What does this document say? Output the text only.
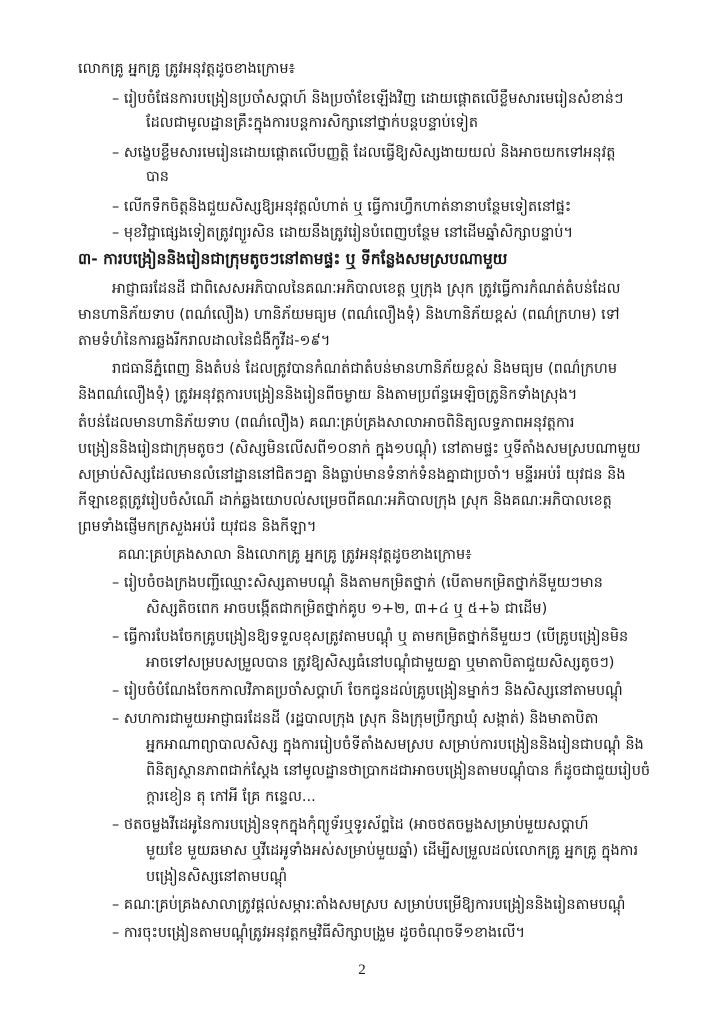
លោកគ្រូ អ្នកគ្រូ ត្រូវអនុវត្តដូចខាងក្រោម៖
– រៀបចំផែនការបង្រៀនប្រចាំសប្តាហ៍ និងប្រចាំខែឡើងវិញ ដោយផ្តោតលើខ្លឹមសារមេរៀនសំខាន់ៗ
ដែលជាមូលដ្ឋានគ្រឹះក្នុងការបន្តការសិក្សានៅថ្នាក់បន្តបន្ទាប់ទៀត
– សង្ខេបខ្លឹមសារមេរៀនដោយផ្តោតលើបញ្ញត្តិ ដែលធ្វើឱ្យសិស្សងាយយល់ និងអាចយកទៅអនុវត្ត
បាន
– លើកទឹកចិត្តនិងជួយសិស្សឱ្យអនុវត្តលំហាត់ ឬ ធ្វើការហ្វឹកហាត់នានាបន្ថែមទៀតនៅផ្ទះ
– មុខវិជ្ជាផ្សេងទៀតត្រូវព្យួរសិន ដោយនឹងត្រូវរៀនបំពេញបន្ថែម នៅដើមឆ្នាំសិក្សាបន្ទាប់។
៣- ការបង្រៀននិងរៀនជាក្រុមតូចៗនៅតាមផ្ទះ ឬ ទីកន្លែងសមស្របណាមួយ
អាជ្ញាធរដែនដី ជាពិសេសអភិបាលនៃគណៈអភិបាលខេត្ត ឬក្រុង ស្រុក ត្រូវធ្វើការកំណត់តំបន់ដែល
មានហានិភ័យទាប (ពណ៌លឿង) ហានិភ័យមធ្យម (ពណ៌លឿងទុំ) និងហានិភ័យខ្ពស់ (ពណ៌ក្រហម) ទៅ
តាមទំហំនៃការឆ្លងរីករាលដាលនៃជំងឺកូវីដ-១៩។
រាជធានីភ្នំពេញ និងតំបន់ ដែលត្រូវបានកំណត់ជាតំបន់មានហានិភ័យខ្ពស់ និងមធ្យម (ពណ៌ក្រហម
និងពណ៌លឿងទុំ) ត្រូវអនុវត្តការបង្រៀននិងរៀនពីចម្ងាយ និងតាមប្រព័ន្ធអេឡិចត្រូនិកទាំងស្រុង។
តំបន់ដែលមានហានិភ័យទាប (ពណ៌លឿង) គណៈគ្រប់គ្រងសាលាអាចពិនិត្យលទ្ធភាពអនុវត្តការ
បង្រៀននិងរៀនជាក្រុមតូចៗ (សិស្សមិនលើសពី១០នាក់ ក្នុង១បណ្តុំ) នៅតាមផ្ទះ ឬទីតាំងសមស្របណាមួយ
សម្រាប់សិស្សដែលមានលំនៅដ្ឋាននៅជិតៗគ្នា និងធ្លាប់មានទំនាក់ទំនងគ្នាជាប្រចាំ។ មន្ទីរអប់រំ យុវជន និង
កីឡាខេត្តត្រូវរៀបចំសំណើ ដាក់ឆ្លងយោបល់សម្រេចពីគណៈអភិបាលក្រុង ស្រុក និងគណៈអភិបាលខេត្ត
ព្រមទាំងផ្ញើមកក្រសួងអប់រំ យុវជន និងកីឡា។
គណៈគ្រប់គ្រងសាលា និងលោកគ្រូ អ្នកគ្រូ ត្រូវអនុវត្តដូចខាងក្រោម៖
– រៀបចំចងក្រងបញ្ជីឈ្មោះសិស្សតាមបណ្តុំ និងតាមកម្រិតថ្នាក់ (បើតាមកម្រិតថ្នាក់នីមួយៗមាន
សិស្សតិចពេក អាចបង្កើតជាកម្រិតថ្នាក់គូប ១+២, ៣+៤ ឬ ៥+៦ ជាដើម)
– ធ្វើការបែងចែកគ្រូបង្រៀនឱ្យទទួលខុសត្រូវតាមបណ្តុំ ឬ តាមកម្រិតថ្នាក់នីមួយៗ (បើគ្រូបង្រៀនមិន
អាចទៅសម្របសម្រួលបាន ត្រូវឱ្យសិស្សធំនៅបណ្តុំជាមួយគ្នា ឬមាតាបិតាជួយសិស្សតូចៗ)
– រៀបចំបំណែងចែកកាលវិភាគប្រចាំសប្តាហ៍ ចែកជូនដល់គ្រូបង្រៀនម្នាក់ៗ និងសិស្សនៅតាមបណ្តុំ
– សហការជាមួយអាជ្ញាធរដែនដី (រដ្ឋបាលក្រុង ស្រុក និងក្រុមប្រឹក្សាឃុំ សង្កាត់) និងមាតាបិតា
អ្នកអាណាព្យាបាលសិស្ស ក្នុងការរៀបចំទីតាំងសមស្រប សម្រាប់ការបង្រៀននិងរៀនជាបណ្តុំ និង
ពិនិត្យស្ថានភាពជាក់ស្តែង នៅមូលដ្ឋានថាប្រាកដជាអាចបង្រៀនតាមបណ្តុំបាន ក៏ដូចជាជួយរៀបចំ
ក្តារខៀន តុ កៅអី គ្រែ កន្ទេល...
– ថតចម្លងវីដេអូនៃការបង្រៀនទុកក្នុងកុំព្យូទ័រឬទូរស័ព្ទដៃ (អាចថតចម្លងសម្រាប់មួយសប្តាហ៍
មួយខែ មួយឆមាស ឬវីដេអូទាំងអស់សម្រាប់មួយឆ្នាំ) ដើម្បីសម្រួលដល់លោកគ្រូ អ្នកគ្រូ ក្នុងការ
បង្រៀនសិស្សនៅតាមបណ្តុំ
– គណៈគ្រប់គ្រងសាលាត្រូវផ្តល់សម្ភារៈតាំងសមស្រប សម្រាប់បម្រើឱ្យការបង្រៀននិងរៀនតាមបណ្តុំ
– ការចុះបង្រៀនតាមបណ្តុំត្រូវអនុវត្តកម្មវិធីសិក្សាបង្រួម ដូចចំណុចទី១ខាងលើ។
2
